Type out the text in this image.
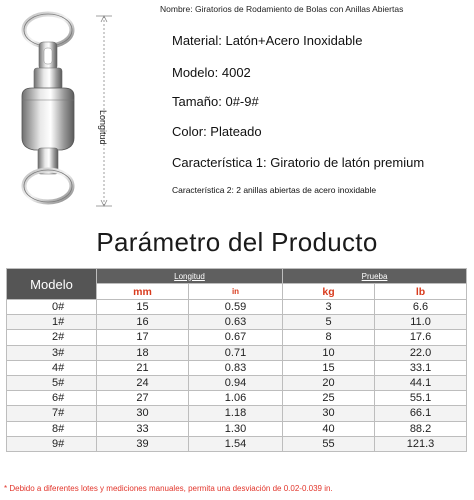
Longitud
Nombre: Giratorios de Rodamiento de Bolas con Anillas Abiertas
Material: Latón+Acero Inoxidable
Modelo: 4002
Tamaño: 0#-9#
Color: Plateado
Característica 1: Giratorio de latón premium
Característica 2: 2 anillas abiertas de acero inoxidable
Parámetro del Producto
Modelo	Longitud		Prueba	
	mm	in	kg	lb
0#	15	0.59	3	6.6
1#	16	0.63	5	11.0
2#	17	0.67	8	17.6
3#	18	0.71	10	22.0
4#	21	0.83	15	33.1
5#	24	0.94	20	44.1
6#	27	1.06	25	55.1
7#	30	1.18	30	66.1
8#	33	1.30	40	88.2
9#	39	1.54	55	121.3
* Debido a diferentes lotes y mediciones manuales, permita una desviación de 0.02-0.039 in.
